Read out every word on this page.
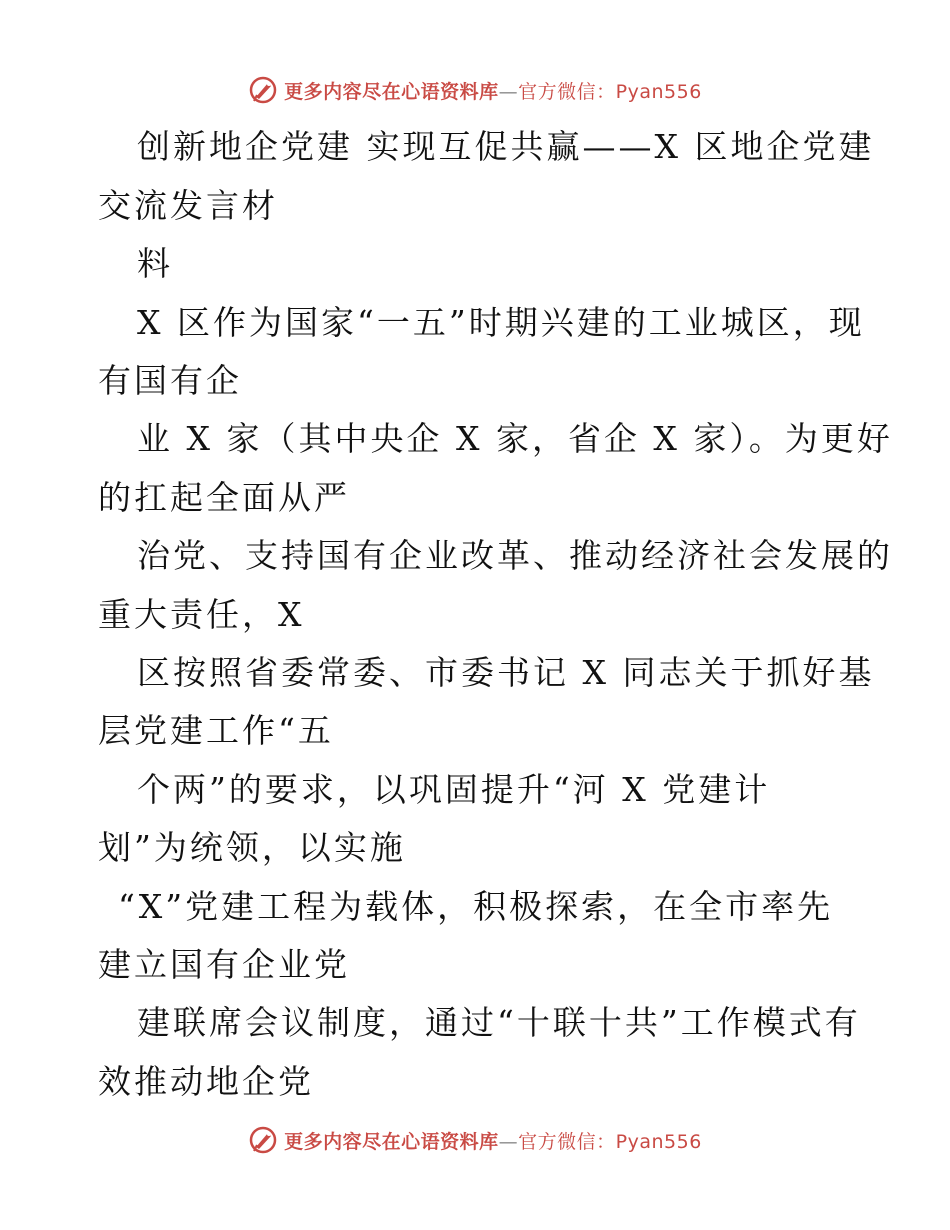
更多内容尽在心语资料库—官方微信：Pyan556
创新地企党建 实现互促共赢——X 区地企党建
交流发言材
料
X 区作为国家“一五”时期兴建的工业城区，现
有国有企
业 X 家（其中央企 X 家，省企 X 家）。为更好
的扛起全面从严
治党、支持国有企业改革、推动经济社会发展的
重大责任，X
区按照省委常委、市委书记 X 同志关于抓好基
层党建工作“五
个两”的要求，以巩固提升“河 X 党建计
划”为统领，以实施
“X”党建工程为载体，积极探索，在全市率先
建立国有企业党
建联席会议制度，通过“十联十共”工作模式有
效推动地企党
更多内容尽在心语资料库—官方微信：Pyan556
